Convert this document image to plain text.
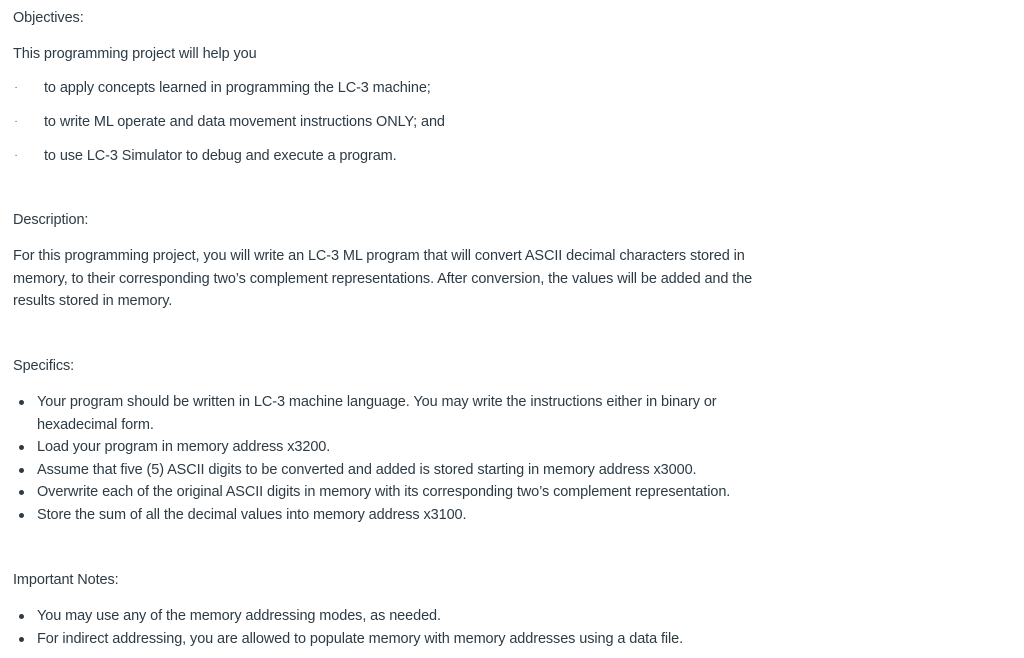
Objectives:

This programming project will help you

· to apply concepts learned in programming the LC-3 machine;
· to write ML operate and data movement instructions ONLY; and
· to use LC-3 Simulator to debug and execute a program.
Description:

For this programming project, you will write an LC-3 ML program that will convert ASCII decimal characters stored in memory, to their corresponding two’s complement representations. After conversion, the values will be added and the results stored in memory.

Specifics:
Your program should be written in LC-3 machine language. You may write the instructions either in binary or hexadecimal form.
Load your program in memory address x3200.
Assume that five (5) ASCII digits to be converted and added is stored starting in memory address x3000.
Overwrite each of the original ASCII digits in memory with its corresponding two’s complement representation.
Store the sum of all the decimal values into memory address x3100.
Important Notes:
You may use any of the memory addressing modes, as needed.
For indirect addressing, you are allowed to populate memory with memory addresses using a data file.
